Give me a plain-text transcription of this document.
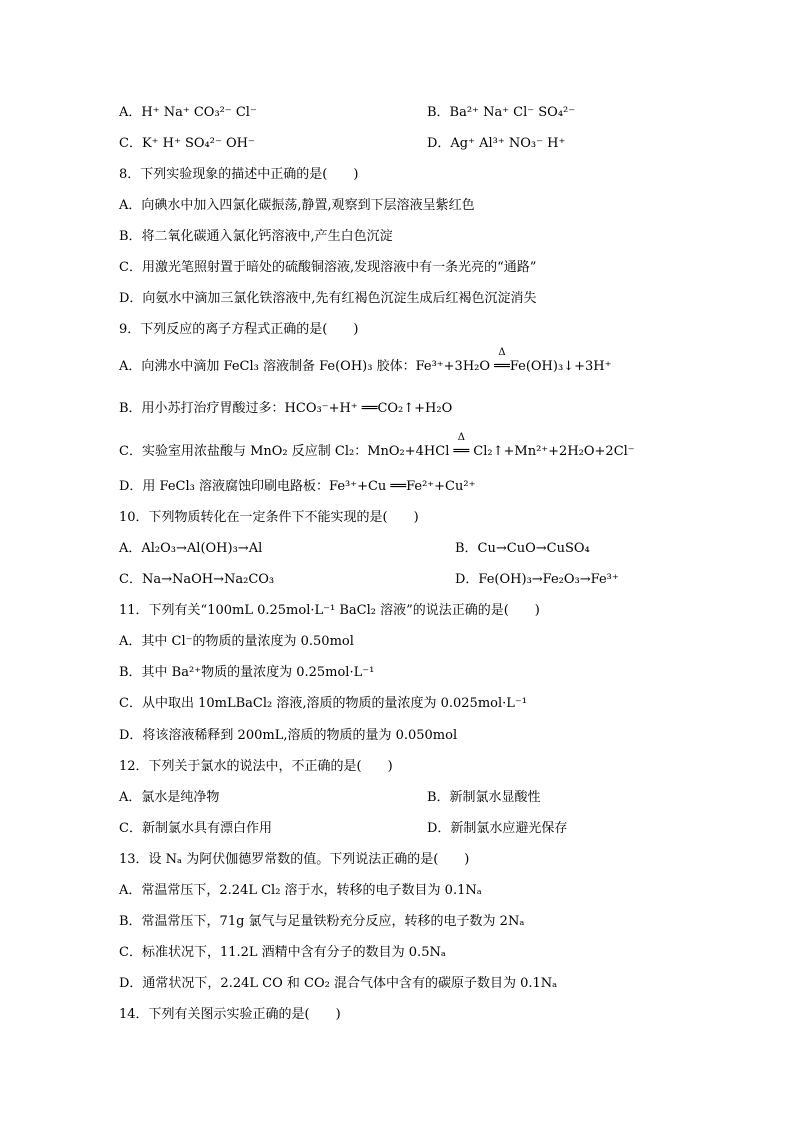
A．H⁺ Na⁺ CO₃²⁻ Cl⁻	B．Ba²⁺ Na⁺ Cl⁻ SO₄²⁻
C．K⁺ H⁺ SO₄²⁻ OH⁻	D．Ag⁺ Al³⁺ NO₃⁻ H⁺
8．下列实验现象的描述中正确的是(　　)
A．向碘水中加入四氯化碳振荡,静置,观察到下层溶液呈紫红色
B．将二氧化碳通入氯化钙溶液中,产生白色沉淀
C．用激光笔照射置于暗处的硫酸铜溶液,发现溶液中有一条光亮的“通路”
D．向氨水中滴加三氯化铁溶液中,先有红褐色沉淀生成后红褐色沉淀消失
9．下列反应的离子方程式正确的是(　　)
A．向沸水中滴加 FeCl₃ 溶液制备 Fe(OH)₃ 胶体：Fe³⁺+3H₂O
Δ
══Fe(OH)₃↓+3H⁺
B．用小苏打治疗胃酸过多：HCO₃⁻+H⁺ ══CO₂↑+H₂O
C．实验室用浓盐酸与 MnO₂ 反应制 Cl₂：MnO₂+4HCl
Δ
══ Cl₂↑+Mn²⁺+2H₂O+2Cl⁻
D．用 FeCl₃ 溶液腐蚀印刷电路板：Fe³⁺+Cu ══Fe²⁺+Cu²⁺
10．下列物质转化在一定条件下不能实现的是(　　)
A．Al₂O₃→Al(OH)₃→Al	B．Cu→CuO→CuSO₄
C．Na→NaOH→Na₂CO₃	D．Fe(OH)₃→Fe₂O₃→Fe³⁺
11．下列有关“100mL 0.25mol·L⁻¹ BaCl₂ 溶液”的说法正确的是(　　)
A．其中 Cl⁻的物质的量浓度为 0.50mol
B．其中 Ba²⁺物质的量浓度为 0.25mol·L⁻¹
C．从中取出 10mLBaCl₂ 溶液,溶质的物质的量浓度为 0.025mol·L⁻¹
D．将该溶液稀释到 200mL,溶质的物质的量为 0.050mol
12．下列关于氯水的说法中，不正确的是(　　)
A．氯水是纯净物	B．新制氯水显酸性
C．新制氯水具有漂白作用	D．新制氯水应避光保存
13．设 Nₐ 为阿伏伽德罗常数的值。下列说法正确的是(　　)
A．常温常压下，2.24L Cl₂ 溶于水，转移的电子数目为 0.1Nₐ
B．常温常压下，71g 氯气与足量铁粉充分反应，转移的电子数为 2Nₐ
C．标准状况下，11.2L 酒精中含有分子的数目为 0.5Nₐ
D．通常状况下，2.24L CO 和 CO₂ 混合气体中含有的碳原子数目为 0.1Nₐ
14．下列有关图示实验正确的是(　　)
